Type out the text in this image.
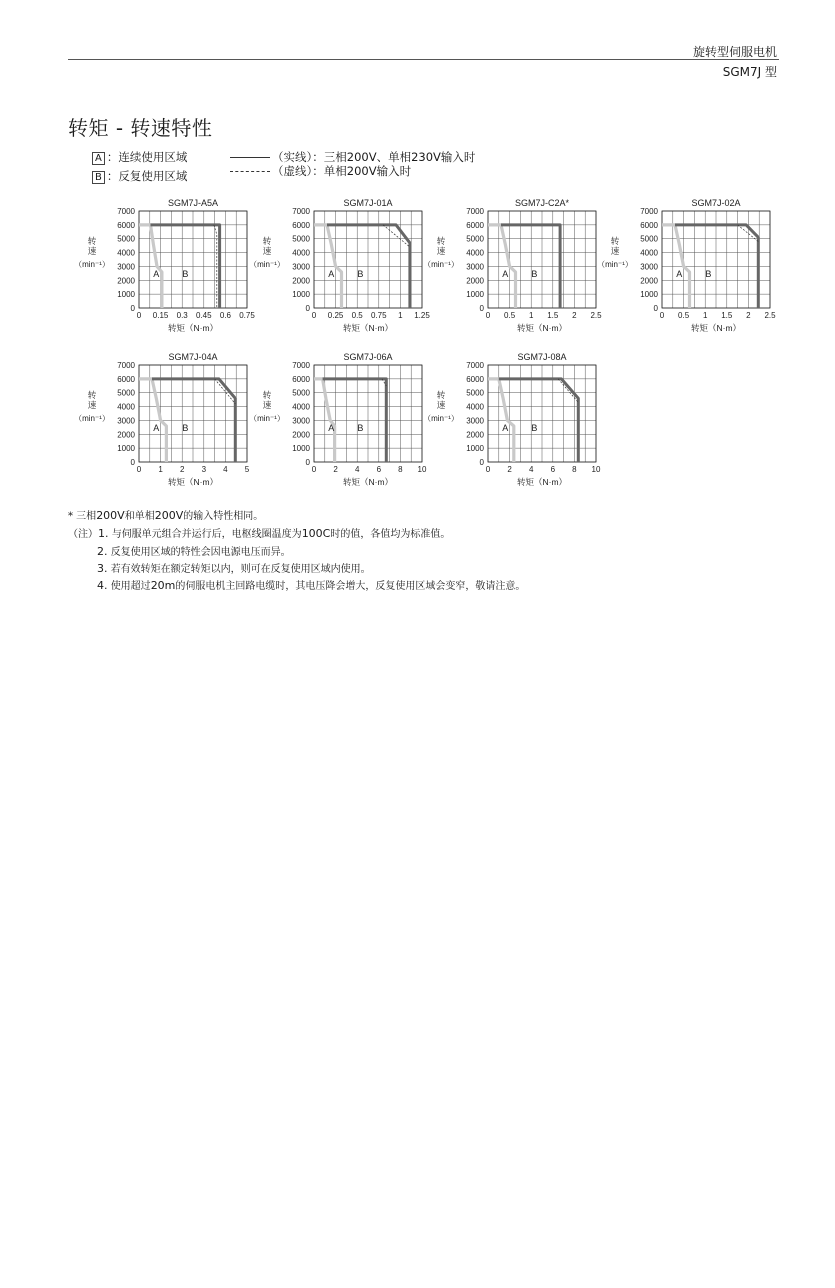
旋转型伺服电机
SGM7J 型
转矩 - 转速特性
A ：连续使用区域
B ：反复使用区域
（实线）：三相200V、单相230V输入时
（虚线）：单相200V输入时
SGM7J-A5A
0 0.15 0.3 0.45 0.6 0.75
0
1000
2000
3000
4000
5000
6000
7000
转矩（N·m）
转
速
（min⁻¹）
A	B
SGM7J-01A
0 0.25 0.5 0.75 1 1.25
0
1000
2000
3000
4000
5000
6000
7000
转矩（N·m）
转
速
（min⁻¹）
A	B
SGM7J-C2A*
0 0.5 1 1.5 2 2.5
0
1000
2000
3000
4000
5000
6000
7000
转矩（N·m）
转
速
（min⁻¹）
A	B
SGM7J-02A
0 0.5 1 1.5 2 2.5
0
1000
2000
3000
4000
5000
6000
7000
转矩（N·m）
转
速
（min⁻¹）
A	B
SGM7J-04A
0 1 2 3 4 5
0
1000
2000
3000
4000
5000
6000
7000
转矩（N·m）
转
速
（min⁻¹）
A	B
SGM7J-06A
0 2 4 6 8 10
0
1000
2000
3000
4000
5000
6000
7000
转矩（N·m）
转
速
（min⁻¹）
A	B
SGM7J-08A
0 2 4 6 8 10
0
1000
2000
3000
4000
5000
6000
7000
转矩（N·m）
转
速
（min⁻¹）
A	B
* 三相200V和单相200V的输入特性相同。
（注）1. 与伺服单元组合并运行后，电枢线圈温度为100C时的值，各值均为标准值。
2. 反复使用区域的特性会因电源电压而异。
3. 若有效转矩在额定转矩以内，则可在反复使用区域内使用。
4. 使用超过20m的伺服电机主回路电缆时，其电压降会增大，反复使用区域会变窄，敬请注意。
